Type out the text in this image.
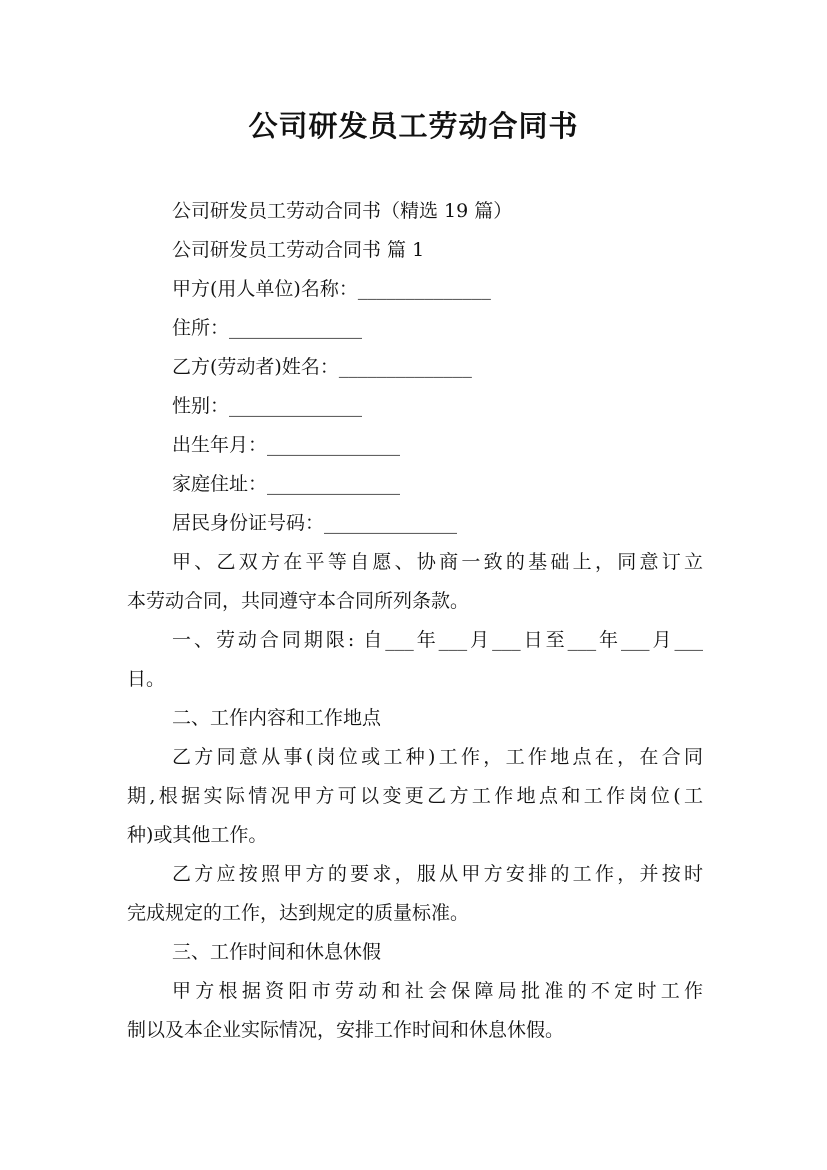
公司研发员工劳动合同书

公司研发员工劳动合同书（精选 19 篇）

公司研发员工劳动合同书 篇 1

甲方(用人单位)名称：______________

住所：______________

乙方(劳动者)姓名：______________

性别：______________

出生年月：______________

家庭住址：______________

居民身份证号码：______________

甲、乙双方在平等自愿、协商一致的基础上，同意订立

本劳动合同，共同遵守本合同所列条款。

一、劳动合同期限: 自___年___月___日至___年___月___

日。

二、工作内容和工作地点

乙方同意从事(岗位或工种)工作，工作地点在，在合同

期,根据实际情况甲方可以变更乙方工作地点和工作岗位(工

种)或其他工作。

乙方应按照甲方的要求，服从甲方安排的工作，并按时

完成规定的工作，达到规定的质量标准。

三、工作时间和休息休假

甲方根据资阳市劳动和社会保障局批准的不定时工作

制以及本企业实际情况，安排工作时间和休息休假。
